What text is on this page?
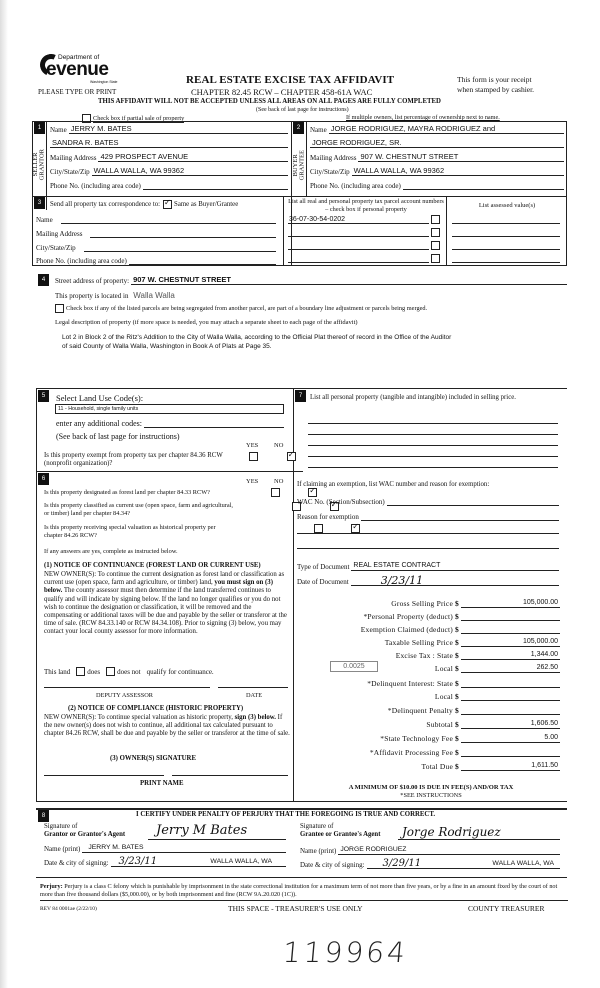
Department of
evenue
Washington State
PLEASE TYPE OR PRINT
REAL ESTATE EXCISE TAX AFFIDAVIT
CHAPTER 82.45 RCW – CHAPTER 458-61A WAC
This form is your receipt
when stamped by cashier.
THIS AFFIDAVIT WILL NOT BE ACCEPTED UNLESS ALL AREAS ON ALL PAGES ARE FULLY COMPLETED
(See back of last page for instructions)
Check box if partial sale of property	If multiple owners, list percentage of ownership next to name.
1
SELLER
GRANTOR
Name JERRY M. BATES
SANDRA R. BATES
Mailing Address 429 PROSPECT AVENUE
City/State/Zip WALLA WALLA, WA 99362
Phone No. (including area code)
2
BUYER
GRANTEE
Name JORGE RODRIGUEZ, MAYRA RODRIGUEZ and
JORGE RODRIGUEZ, SR.
Mailing Address 907 W. CHESTNUT STREET
City/State/Zip WALLA WALLA, WA 99362
Phone No. (including area code)
3	Send all property tax correspondence to: ✓ Same as Buyer/Grantee
Name
Mailing Address
City/State/Zip
Phone No. (including area code)
List all real and personal property tax parcel account numbers – check box if personal property	List assessed value(s)
36-07-30-54-0202
4	Street address of property: 907 W. CHESTNUT STREET
This property is located in Walla Walla
Check box if any of the listed parcels are being segregated from another parcel, are part of a boundary line adjustment or parcels being merged.
Legal description of property (if more space is needed, you may attach a separate sheet to each page of the affidavit)
Lot 2 in Block 2 of the Ritz's Addition to the City of Walla Walla, according to the Official Plat thereof of record in the Office of the Auditor
of said County of Walla Walla, Washington in Book A of Plats at Page 35.
5	Select Land Use Code(s):
11 - Household, single family units
enter any additional codes:
(See back of last page for instructions)
YES NO
Is this property exempt from property tax per chapter 84.36 RCW (nonprofit organization)?
✓
6	YES NO
Is this property designated as forest land per chapter 84.33 RCW?
✓
Is this property classified as current use (open space, farm and agricultural, or timber) land per chapter 84.34?
✓
Is this property receiving special valuation as historical property per chapter 84.26 RCW?
✓
If any answers are yes, complete as instructed below.
(1) NOTICE OF CONTINUANCE (FOREST LAND OR CURRENT USE)
NEW OWNER(S): To continue the current designation as forest land or classification as current use (open space, farm and agriculture, or timber) land, you must sign on (3) below. The county assessor must then determine if the land transferred continues to qualify and will indicate by signing below. If the land no longer qualifies or you do not wish to continue the designation or classification, it will be removed and the compensating or additional taxes will be due and payable by the seller or transferor at the time of sale. (RCW 84.33.140 or RCW 84.34.108). Prior to signing (3) below, you may contact your local county assessor for more information.
This land does does not qualify for continuance.
DEPUTY ASSESSOR	DATE
(2) NOTICE OF COMPLIANCE (HISTORIC PROPERTY)
NEW OWNER(S): To continue special valuation as historic property, sign (3) below. If the new owner(s) does not wish to continue, all additional tax calculated pursuant to chapter 84.26 RCW, shall be due and payable by the seller or transferor at the time of sale.
(3) OWNER(S) SIGNATURE
PRINT NAME
7	List all personal property (tangible and intangible) included in selling price.
If claiming an exemption, list WAC number and reason for exemption:
WAC No. (Section/Subsection)
Reason for exemption
Type of Document REAL ESTATE CONTRACT
Date of Document	3/23/11
Gross Selling Price $	105,000.00
*Personal Property (deduct) $
Exemption Claimed (deduct) $
Taxable Selling Price $	105,000.00
Excise Tax : State $	1,344.00
0.0025	Local $	262.50
*Delinquent Interest: State $
Local $
*Delinquent Penalty $
Subtotal $	1,606.50
*State Technology Fee $	5.00
*Affidavit Processing Fee $
Total Due $	1,611.50
A MINIMUM OF $10.00 IS DUE IN FEE(S) AND/OR TAX
*SEE INSTRUCTIONS
8	I CERTIFY UNDER PENALTY OF PERJURY THAT THE FOREGOING IS TRUE AND CORRECT.
Signature of
Grantor or Grantor's Agent	Jerry M Bates
Name (print)	JERRY M. BATES
Date & city of signing:	3/23/11	WALLA WALLA, WA
Signature of
Grantee or Grantee's Agent	Jorge Rodriguez
Name (print) JORGE RODRIGUEZ
Date & city of signing:	3/29/11	WALLA WALLA, WA
Perjury: Perjury is a class C felony which is punishable by imprisonment in the state correctional institution for a maximum term of not more than five years, or by a fine in an amount fixed by the court of not more than five thousand dollars ($5,000.00), or by both imprisonment and fine (RCW 9A.20.020 (1C)).
REV 84 0001ae (2/22/10)	THIS SPACE - TREASURER'S USE ONLY	COUNTY TREASURER
119964
